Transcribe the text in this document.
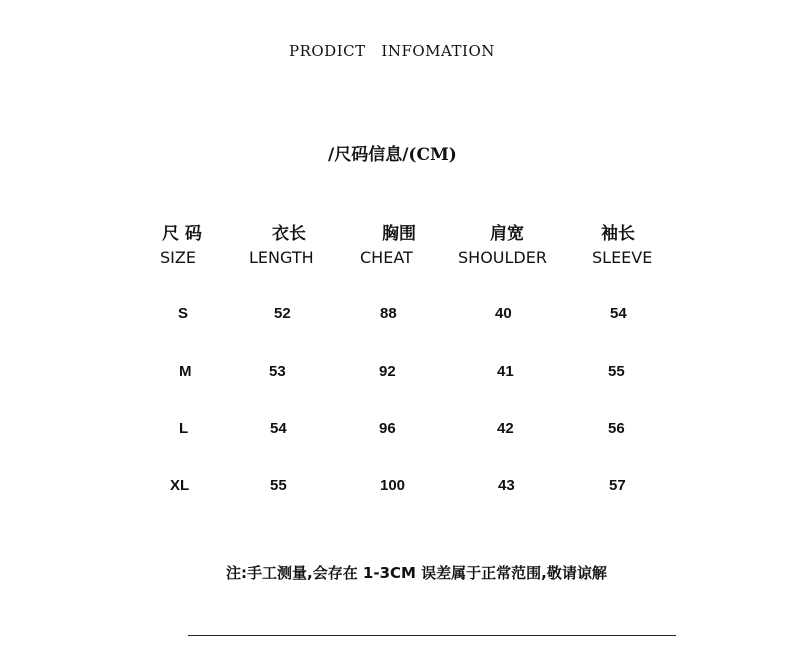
PRODICT   INFOMATION
/尺码信息/(CM)
尺 码	衣长	胸围	肩宽	袖长
SIZE	LENGTH	CHEAT	SHOULDER	SLEEVE
S	52	88	40	54
M	53	92	41	55
L	54	96	42	56
XL	55	100	43	57
注:手工测量,会存在 1-3CM 误差属于正常范围,敬请谅解
